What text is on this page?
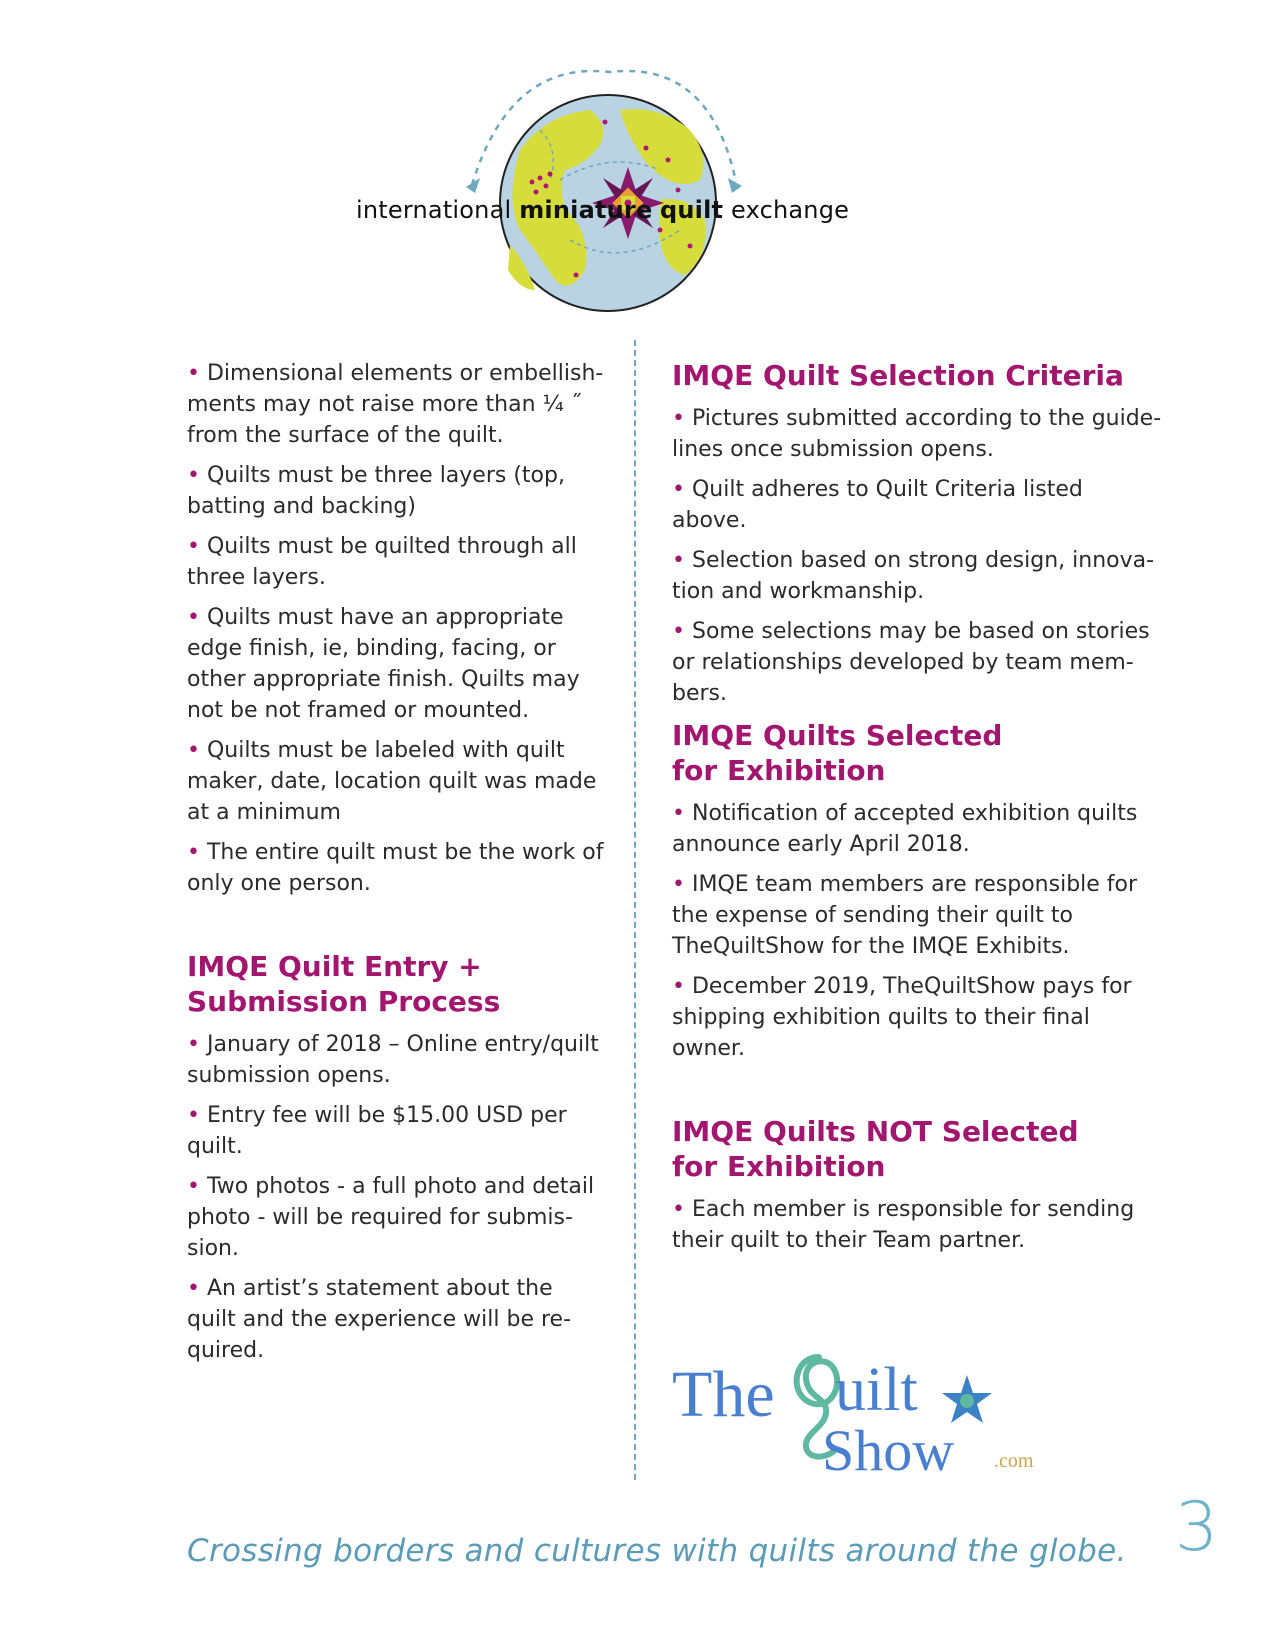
international miniature quilt exchange

• Dimensional elements or embellish-ments may not raise more than ¼ ˝ from the surface of the quilt.

• Quilts must be three layers (top, batting and backing)

• Quilts must be quilted through all three layers.

• Quilts must have an appropriate edge finish, ie, binding, facing, or other appropriate finish. Quilts may not be not framed or mounted.

• Quilts must be labeled with quilt maker, date, location quilt was made at a minimum

• The entire quilt must be the work of only one person.

IMQE Quilt Entry +
Submission Process

• January of 2018 – Online entry/quilt submission opens.

• Entry fee will be $15.00 USD per quilt.

• Two photos - a full photo and detail photo - will be required for submis-sion.

• An artist’s statement about the quilt and the experience will be re-quired.

IMQE Quilt Selection Criteria

• Pictures submitted according to the guide-lines once submission opens.

• Quilt adheres to Quilt Criteria listed above.

• Selection based on strong design, innova-tion and workmanship.

• Some selections may be based on stories or relationships developed by team mem-bers.

IMQE Quilts Selected
for Exhibition

• Notification of accepted exhibition quilts announce early April 2018.

• IMQE team members are responsible for the expense of sending their quilt to TheQuiltShow for the IMQE Exhibits.

• December 2019, TheQuiltShow pays for shipping exhibition quilts to their final owner.

IMQE Quilts NOT Selected
for Exhibition

• Each member is responsible for sending their quilt to their Team partner.

The uilt
Show .com
Crossing borders and cultures with quilts around the globe. 3
